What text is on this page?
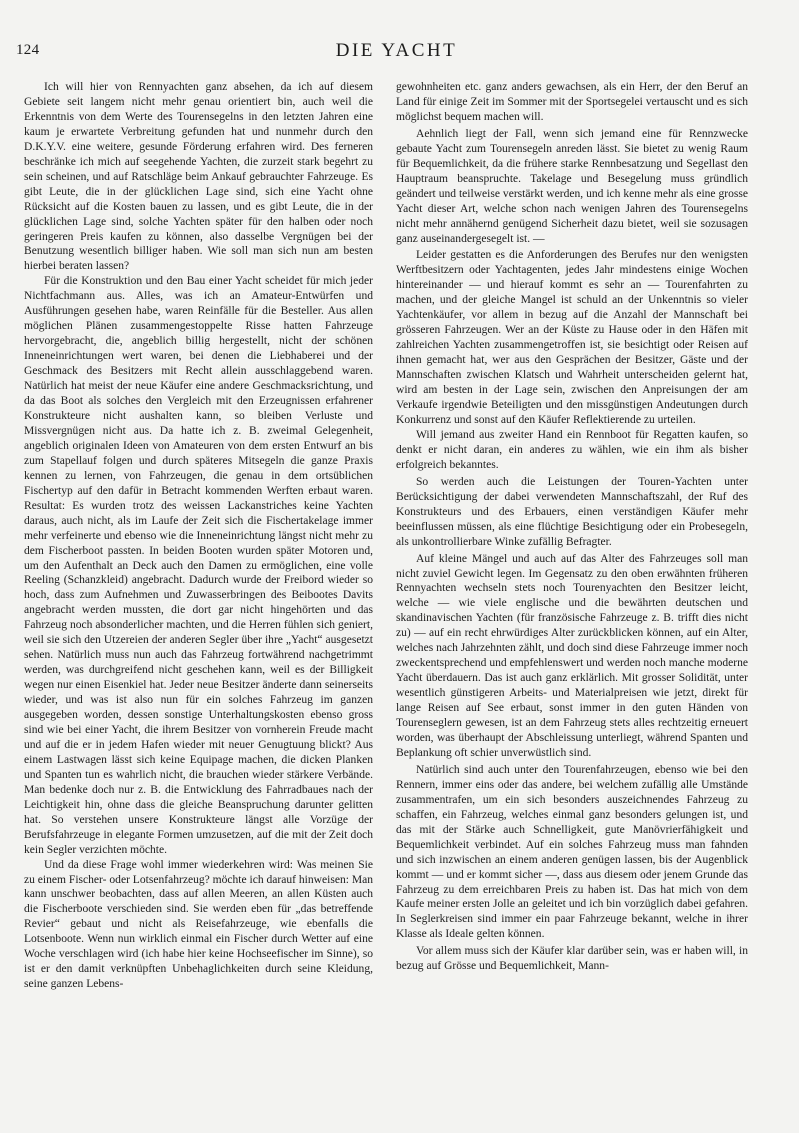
124	DIE YACHT

Ich will hier von Rennyachten ganz absehen, da ich auf diesem Gebiete seit langem nicht mehr genau orientiert bin, auch weil die Erkenntnis von dem Werte des Tourensegelns in den letzten Jahren eine kaum je erwartete Verbreitung gefunden hat und nunmehr durch den D.K.Y.V. eine weitere, gesunde Förderung erfahren wird. Des ferneren beschränke ich mich auf seegehende Yachten, die zurzeit stark begehrt zu sein scheinen, und auf Ratschläge beim Ankauf gebrauchter Fahrzeuge. Es gibt Leute, die in der glücklichen Lage sind, sich eine Yacht ohne Rücksicht auf die Kosten bauen zu lassen, und es gibt Leute, die in der glücklichen Lage sind, solche Yachten später für den halben oder noch geringeren Preis kaufen zu können, also dasselbe Vergnügen bei der Benutzung wesentlich billiger haben. Wie soll man sich nun am besten hierbei beraten lassen?

Für die Konstruktion und den Bau einer Yacht scheidet für mich jeder Nichtfachmann aus. Alles, was ich an Amateur-Entwürfen und Ausführungen gesehen habe, waren Reinfälle für die Besteller. Aus allen möglichen Plänen zusammengestoppelte Risse hatten Fahrzeuge hervorgebracht, die, angeblich billig hergestellt, nicht der schönen Inneneinrichtungen wert waren, bei denen die Liebhaberei und der Geschmack des Besitzers mit Recht allein ausschlaggebend waren. Natürlich hat meist der neue Käufer eine andere Geschmacksrichtung, und da das Boot als solches den Vergleich mit den Erzeugnissen erfahrener Konstrukteure nicht aushalten kann, so bleiben Verluste und Missvergnügen nicht aus. Da hatte ich z. B. zweimal Gelegenheit, angeblich originalen Ideen von Amateuren von dem ersten Entwurf an bis zum Stapellauf folgen und durch späteres Mitsegeln die ganze Praxis kennen zu lernen, von Fahrzeugen, die genau in dem ortsüblichen Fischertyp auf den dafür in Betracht kommenden Werften erbaut waren. Resultat: Es wurden trotz des weissen Lackanstriches keine Yachten daraus, auch nicht, als im Laufe der Zeit sich die Fischertakelage immer mehr verfeinerte und ebenso wie die Inneneinrichtung längst nicht mehr zu dem Fischerboot passten. In beiden Booten wurden später Motoren und, um den Aufenthalt an Deck auch den Damen zu ermöglichen, eine volle Reeling (Schanzkleid) angebracht. Dadurch wurde der Freibord wieder so hoch, dass zum Aufnehmen und Zuwasserbringen des Beibootes Davits angebracht werden mussten, die dort gar nicht hingehörten und das Fahrzeug noch absonderlicher machten, und die Herren fühlen sich geniert, weil sie sich den Utzereien der anderen Segler über ihre „Yacht“ ausgesetzt sehen. Natürlich muss nun auch das Fahrzeug fortwährend nachgetrimmt werden, was durchgreifend nicht geschehen kann, weil es der Billigkeit wegen nur einen Eisenkiel hat. Jeder neue Besitzer änderte dann seinerseits wieder, und was ist also nun für ein solches Fahrzeug im ganzen ausgegeben worden, dessen sonstige Unterhaltungskosten ebenso gross sind wie bei einer Yacht, die ihrem Besitzer von vornherein Freude macht und auf die er in jedem Hafen wieder mit neuer Genugtuung blickt? Aus einem Lastwagen lässt sich keine Equipage machen, die dicken Planken und Spanten tun es wahrlich nicht, die brauchen wieder stärkere Verbände. Man bedenke doch nur z. B. die Entwicklung des Fahrradbaues nach der Leichtigkeit hin, ohne dass die gleiche Beanspruchung darunter gelitten hat. So verstehen unsere Konstrukteure längst alle Vorzüge der Berufsfahrzeuge in elegante Formen umzusetzen, auf die mit der Zeit doch kein Segler verzichten möchte.

Und da diese Frage wohl immer wiederkehren wird: Was meinen Sie zu einem Fischer- oder Lotsenfahrzeug? möchte ich darauf hinweisen: Man kann unschwer beobachten, dass auf allen Meeren, an allen Küsten auch die Fischerboote verschieden sind. Sie werden eben für „das betreffende Revier“ gebaut und nicht als Reisefahrzeuge, wie ebenfalls die Lotsenboote. Wenn nun wirklich einmal ein Fischer durch Wetter auf eine Woche verschlagen wird (ich habe hier keine Hochseefischer im Sinne), so ist er den damit verknüpften Unbehaglichkeiten durch seine Kleidung, seine ganzen Lebens-

gewohnheiten etc. ganz anders gewachsen, als ein Herr, der den Beruf an Land für einige Zeit im Sommer mit der Sportsegelei vertauscht und es sich möglichst bequem machen will.

Aehnlich liegt der Fall, wenn sich jemand eine für Rennzwecke gebaute Yacht zum Tourensegeln anreden lässt. Sie bietet zu wenig Raum für Bequemlichkeit, da die frühere starke Rennbesatzung und Segellast den Hauptraum beanspruchte. Takelage und Besegelung muss gründlich geändert und teilweise verstärkt werden, und ich kenne mehr als eine grosse Yacht dieser Art, welche schon nach wenigen Jahren des Tourensegelns nicht mehr annähernd genügend Sicherheit dazu bietet, weil sie sozusagen ganz auseinandergesegelt ist. —

Leider gestatten es die Anforderungen des Berufes nur den wenigsten Werftbesitzern oder Yachtagenten, jedes Jahr mindestens einige Wochen hintereinander — und hierauf kommt es sehr an — Tourenfahrten zu machen, und der gleiche Mangel ist schuld an der Unkenntnis so vieler Yachtenkäufer, vor allem in bezug auf die Anzahl der Mannschaft bei grösseren Fahrzeugen. Wer an der Küste zu Hause oder in den Häfen mit zahlreichen Yachten zusammengetroffen ist, sie besichtigt oder Reisen auf ihnen gemacht hat, wer aus den Gesprächen der Besitzer, Gäste und der Mannschaften zwischen Klatsch und Wahrheit unterscheiden gelernt hat, wird am besten in der Lage sein, zwischen den Anpreisungen der am Verkaufe irgendwie Beteiligten und den missgünstigen Andeutungen durch Konkurrenz und sonst auf den Käufer Reflektierende zu urteilen.

Will jemand aus zweiter Hand ein Rennboot für Regatten kaufen, so denkt er nicht daran, ein anderes zu wählen, wie ein ihm als bisher erfolgreich bekanntes.

So werden auch die Leistungen der Touren-Yachten unter Berücksichtigung der dabei verwendeten Mannschaftszahl, der Ruf des Konstrukteurs und des Erbauers, einen verständigen Käufer mehr beeinflussen müssen, als eine flüchtige Besichtigung oder ein Probesegeln, als unkontrollierbare Winke zufällig Befragter.

Auf kleine Mängel und auch auf das Alter des Fahrzeuges soll man nicht zuviel Gewicht legen. Im Gegensatz zu den oben erwähnten früheren Rennyachten wechseln stets noch Tourenyachten den Besitzer leicht, welche — wie viele englische und die bewährten deutschen und skandinavischen Yachten (für französische Fahrzeuge z. B. trifft dies nicht zu) — auf ein recht ehrwürdiges Alter zurückblicken können, auf ein Alter, welches nach Jahrzehnten zählt, und doch sind diese Fahrzeuge immer noch zweckentsprechend und empfehlenswert und werden noch manche moderne Yacht überdauern. Das ist auch ganz erklärlich. Mit grosser Solidität, unter wesentlich günstigeren Arbeits- und Materialpreisen wie jetzt, direkt für lange Reisen auf See erbaut, sonst immer in den guten Händen von Tourenseglern gewesen, ist an dem Fahrzeug stets alles rechtzeitig erneuert worden, was überhaupt der Abschleissung unterliegt, während Spanten und Beplankung oft schier unverwüstlich sind.

Natürlich sind auch unter den Tourenfahrzeugen, ebenso wie bei den Rennern, immer eins oder das andere, bei welchem zufällig alle Umstände zusammentrafen, um ein sich besonders auszeichnendes Fahrzeug zu schaffen, ein Fahrzeug, welches einmal ganz besonders gelungen ist, und das mit der Stärke auch Schnelligkeit, gute Manövrierfähigkeit und Bequemlichkeit verbindet. Auf ein solches Fahrzeug muss man fahnden und sich inzwischen an einem anderen genügen lassen, bis der Augenblick kommt — und er kommt sicher —, dass aus diesem oder jenem Grunde das Fahrzeug zu dem erreichbaren Preis zu haben ist. Das hat mich von dem Kaufe meiner ersten Jolle an geleitet und ich bin vorzüglich dabei gefahren. In Seglerkreisen sind immer ein paar Fahrzeuge bekannt, welche in ihrer Klasse als Ideale gelten können.

Vor allem muss sich der Käufer klar darüber sein, was er haben will, in bezug auf Grösse und Bequemlichkeit, Mann-
